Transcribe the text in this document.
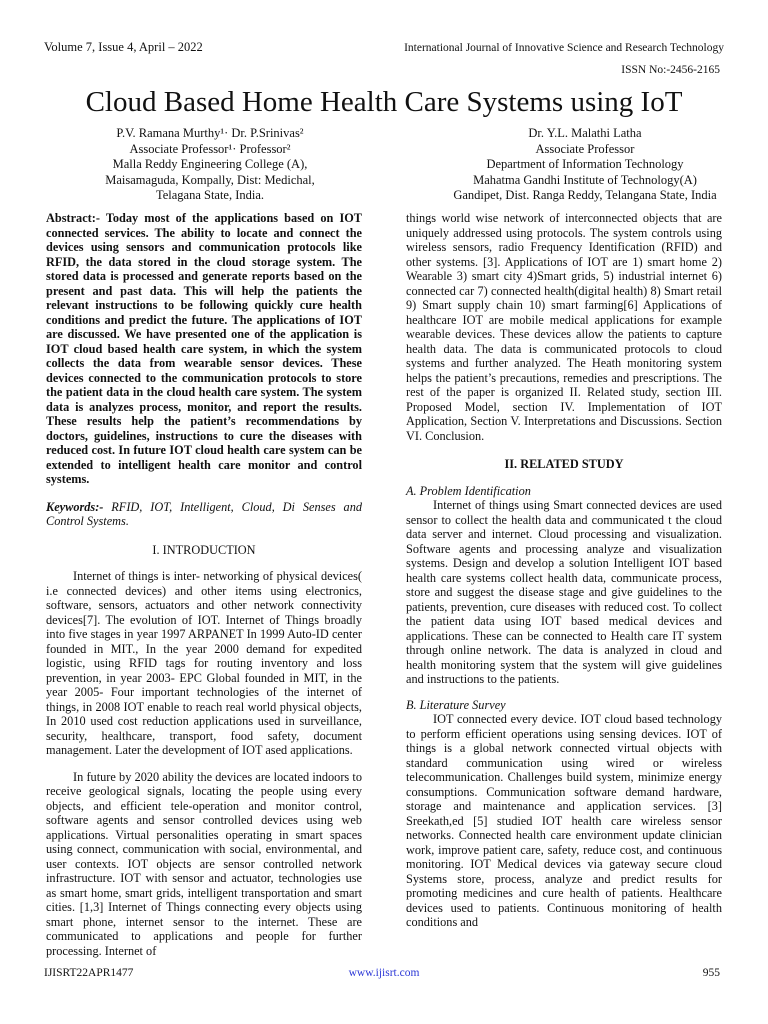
Volume 7, Issue 4, April – 2022	International Journal of Innovative Science and Research Technology
ISSN No:-2456-2165
Cloud Based Home Health Care Systems using IoT
P.V. Ramana Murthy¹· Dr. P.Srinivas²
Associate Professor¹· Professor²
Malla Reddy Engineering College (A),
Maisamaguda, Kompally, Dist: Medichal,
Telagana State, India.
Dr. Y.L. Malathi Latha
Associate Professor
Department of Information Technology
Mahatma Gandhi Institute of Technology(A)
Gandipet, Dist. Ranga Reddy, Telangana State, India

Abstract:- Today most of the applications based on IOT connected services. The ability to locate and connect the devices using sensors and communication protocols like RFID, the data stored in the cloud storage system. The stored data is processed and generate reports based on the present and past data. This will help the patients the relevant instructions to be following quickly cure health conditions and predict the future. The applications of IOT are discussed. We have presented one of the application is IOT cloud based health care system, in which the system collects the data from wearable sensor devices. These devices connected to the communication protocols to store the patient data in the cloud health care system. The system data is analyzes process, monitor, and report the results. These results help the patient’s recommendations by doctors, guidelines, instructions to cure the diseases with reduced cost. In future IOT cloud health care system can be extended to intelligent health care monitor and control systems.

Keywords:- RFID, IOT, Intelligent, Cloud, Di Senses and Control Systems.

I. INTRODUCTION

Internet of things is inter- networking of physical devices( i.e connected devices) and other items using electronics, software, sensors, actuators and other network connectivity devices[7]. The evolution of IOT. Internet of Things broadly into five stages in year 1997 ARPANET In 1999 Auto-ID center founded in MIT., In the year 2000 demand for expedited logistic, using RFID tags for routing inventory and loss prevention, in year 2003- EPC Global founded in MIT, in the year 2005- Four important technologies of the internet of things, in 2008 IOT enable to reach real world physical objects, In 2010 used cost reduction applications used in surveillance, security, healthcare, transport, food safety, document management. Later the development of IOT ased applications.

In future by 2020 ability the devices are located indoors to receive geological signals, locating the people using every objects, and efficient tele-operation and monitor control, software agents and sensor controlled devices using web applications. Virtual personalities operating in smart spaces using connect, communication with social, environmental, and user contexts. IOT objects are sensor controlled network infrastructure. IOT with sensor and actuator, technologies use as smart home, smart grids, intelligent transportation and smart cities. [1,3] Internet of Things connecting every objects using smart phone, internet sensor to the internet. These are communicated to applications and people for further processing. Internet of

things world wise network of interconnected objects that are uniquely addressed using protocols. The system controls using wireless sensors, radio Frequency Identification (RFID) and other systems. [3]. Applications of IOT are 1) smart home 2) Wearable 3) smart city 4)Smart grids, 5) industrial internet 6) connected car 7) connected health(digital health) 8) Smart retail 9) Smart supply chain 10) smart farming[6] Applications of healthcare IOT are mobile medical applications for example wearable devices. These devices allow the patients to capture health data. The data is communicated protocols to cloud systems and further analyzed. The Heath monitoring system helps the patient’s precautions, remedies and prescriptions. The rest of the paper is organized II. Related study, section III. Proposed Model, section IV. Implementation of IOT Application, Section V. Interpretations and Discussions. Section VI. Conclusion.

II. RELATED STUDY

A. Problem Identification

Internet of things using Smart connected devices are used sensor to collect the health data and communicated t the cloud data server and internet. Cloud processing and visualization. Software agents and processing analyze and visualization systems. Design and develop a solution Intelligent IOT based health care systems collect health data, communicate process, store and suggest the disease stage and give guidelines to the patients, prevention, cure diseases with reduced cost. To collect the patient data using IOT based medical devices and applications. These can be connected to Health care IT system through online network. The data is analyzed in cloud and health monitoring system that the system will give guidelines and instructions to the patients.

B. Literature Survey

IOT connected every device. IOT cloud based technology to perform efficient operations using sensing devices. IOT of things is a global network connected virtual objects with standard communication using wired or wireless telecommunication. Challenges build system, minimize energy consumptions. Communication software demand hardware, storage and maintenance and application services. [3] Sreekath,ed [5] studied IOT health care wireless sensor networks. Connected health care environment update clinician work, improve patient care, safety, reduce cost, and continuous monitoring. IOT Medical devices via gateway secure cloud Systems store, process, analyze and predict results for promoting medicines and cure health of patients. Healthcare devices used to patients. Continuous monitoring of health conditions and

IJISRT22APR1477	www.ijisrt.com	955
